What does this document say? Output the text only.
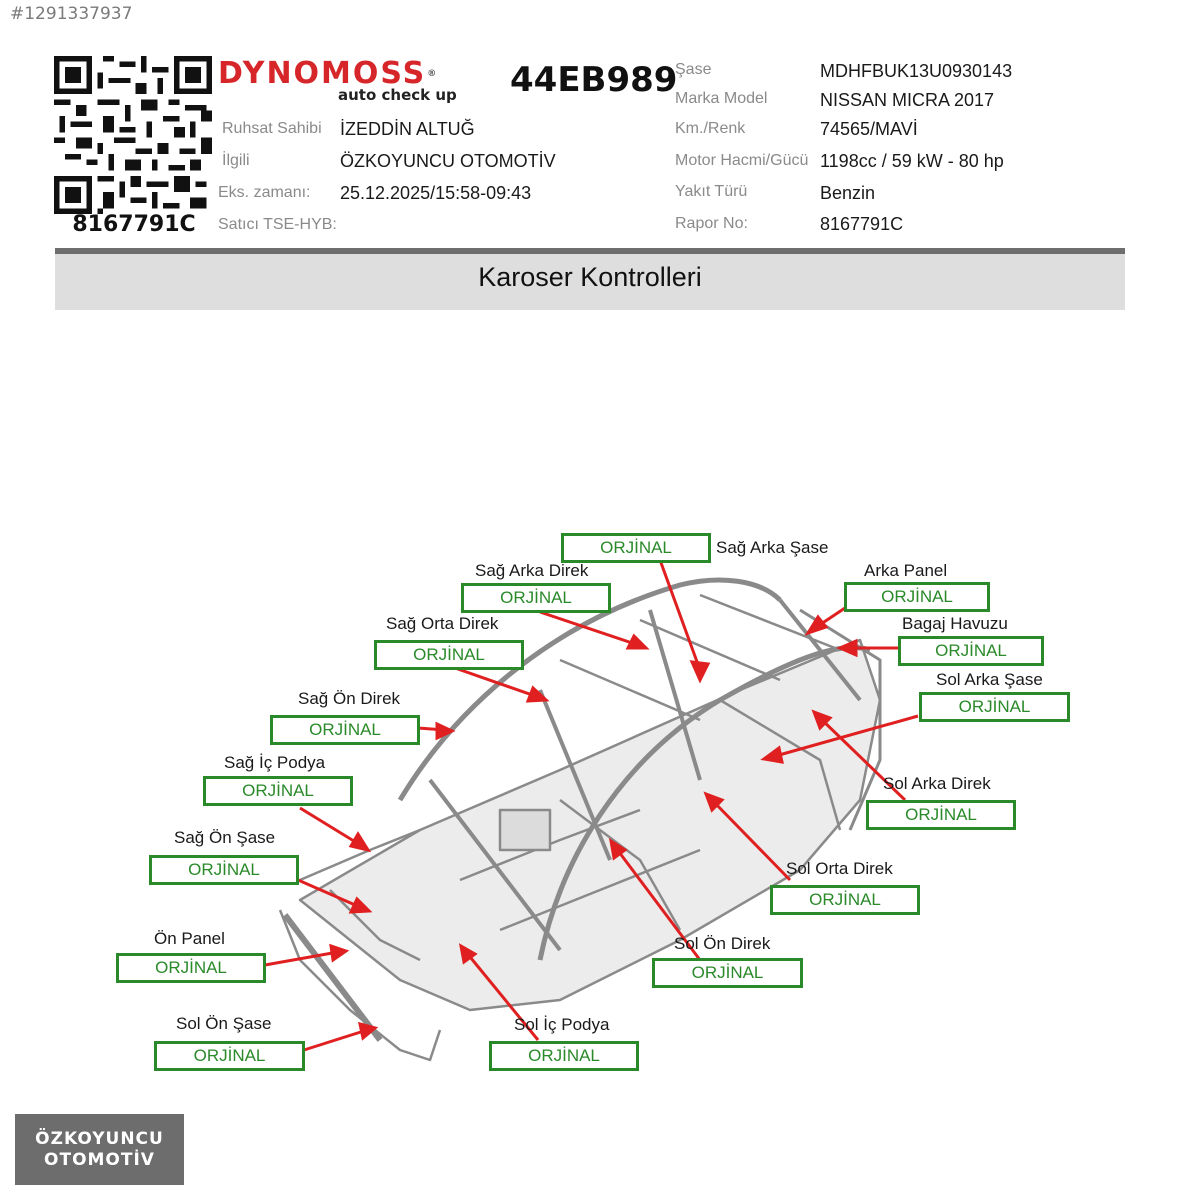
#1291337937
8167791C
DYNOMOSS®
auto check up 44EB989
Ruhsat Sahibi İZEDDİN ALTUĞ
İlgili	ÖZKOYUNCU OTOMOTİV
Eks. zamanı: 25.12.2025/15:58-09:43
Satıcı TSE-HYB:
Şase	MDHFBUK13U0930143
Marka Model	NISSAN MICRA 2017
Km./Renk	74565/MAVİ
Motor Hacmi/Gücü 1198cc / 59 kW - 80 hp
Yakıt Türü	Benzin
Rapor No:	8167791C
Karoser Kontrolleri
Sağ Arka Şase
ORJİNAL
Sağ Arka Direk
ORJİNAL
Arka Panel
ORJİNAL
Sağ Orta Direk
ORJİNAL
Bagaj Havuzu
ORJİNAL
Sol Arka Şase
ORJİNAL
Sağ Ön Direk
ORJİNAL
Sağ İç Podya
ORJİNAL	Sol Arka Direk
ORJİNAL
Sağ Ön Şase
ORJİNAL	Sol Orta Direk
ORJİNAL
Ön Panel
ORJİNAL
Sol Ön Direk
ORJİNAL
Sol Ön Şase
ORJİNAL
Sol İç Podya
ORJİNAL
ÖZKOYUNCU
OTOMOTİV
